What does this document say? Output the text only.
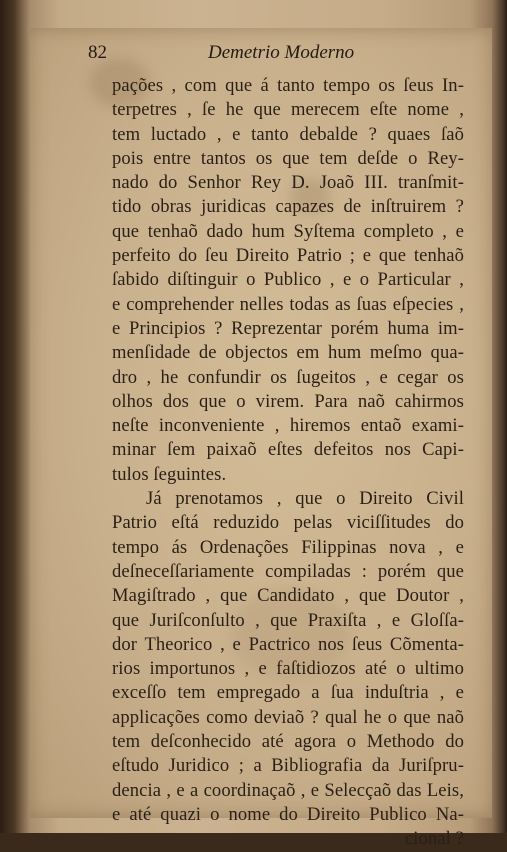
82	Demetrio Moderno
pações , com que á tanto tempo os ſeus In-
terpetres , ſe he que merecem eſte nome ,
tem luctado , e tanto debalde ? quaes ſaõ
pois entre tantos os que tem deſde o Rey-
nado do Senhor Rey D. Joaõ III. tranſmit-
tido obras juridicas capazes de inſtruirem ?
que tenhaõ dado hum Syſtema completo , e
perfeito do ſeu Direito Patrio ; e que tenhaõ
ſabido diſtinguir o Publico , e o Particular ,
e comprehender nelles todas as ſuas eſpecies ,
e Principios ? Reprezentar porém huma im-
menſidade de objectos em hum meſmo qua-
dro , he confundir os ſugeitos , e cegar os
olhos dos que o virem. Para naõ cahirmos
neſte inconveniente , hiremos entaõ exami-
minar ſem paixaõ eſtes defeitos nos Capi-
tulos ſeguintes.
Já prenotamos , que o Direito Civil
Patrio eſtá reduzido pelas viciſſitudes do
tempo ás Ordenações Filippinas nova , e
deſneceſſariamente compiladas : porém que
Magiſtrado , que Candidato , que Doutor ,
que Juriſconſulto , que Praxiſta , e Gloſſa-
dor Theorico , e Pactrico nos ſeus Cõmenta-
rios importunos , e faſtidiozos até o ultimo
exceſſo tem empregado a ſua induſtria , e
applicações como deviaõ ? qual he o que naõ
tem deſconhecido até agora o Methodo do
eſtudo Juridico ; a Bibliografia da Juriſpru-
dencia , e a coordinaçaõ , e Selecçaõ das Leis,
e até quazi o nome do Direito Publico Na-
cional ?
